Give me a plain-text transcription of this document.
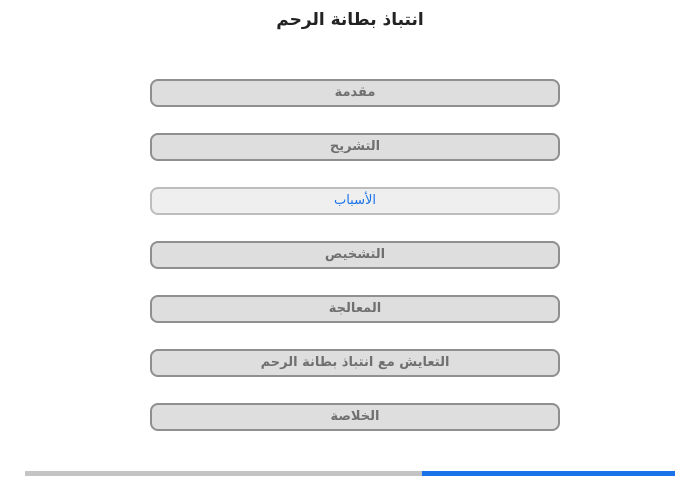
انتباذ بطانة الرحم
مقدمة
التشريح
الأسباب
التشخيص
المعالجة
التعايش مع انتباذ بطانة الرحم
الخلاصة
